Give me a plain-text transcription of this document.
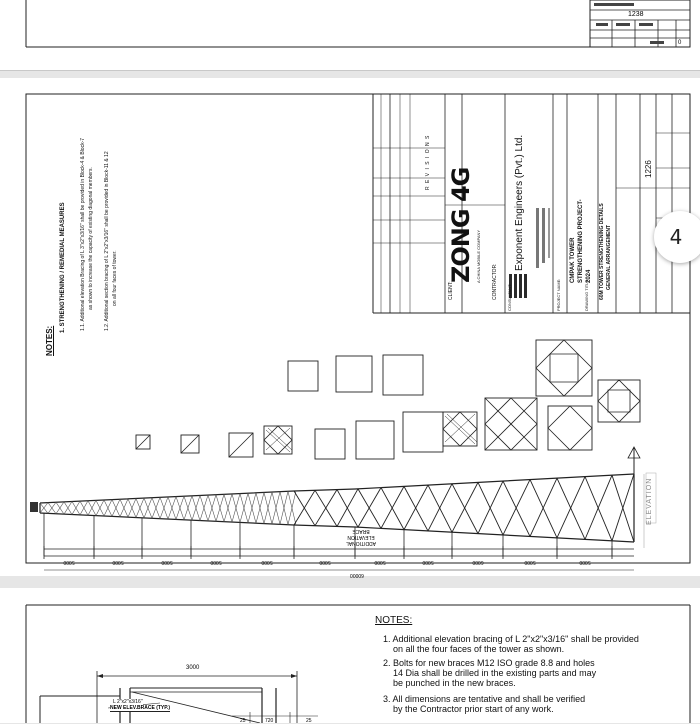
0
1238
NOTES:
1. STRENGTHENING / REMEDIAL MEASURES	1.1. Additional elevation Bracing of L 3"x2"x3/16" shall be provided in Block-4 & Block-7 as shown to increase the capacity of existing diagonal members. 1.2. Additional section bracing of L 2"x2"x3/16" shall be provided in Block-11 & 12 on all four faces of tower.
R E V I S I O N S
CLIENT:
ZONG 4G A CHINA MOBILE COMPANY CONTRACTOR: CONSULTANT:
Exponent Engineers (Pvt.) Ltd.
PROJECT NAME:
CMPAK TOWER STRENGTHENING PROJECT-2024
DRAWING TITLE: 60M TOWER STRENGTHENING DETAILS GENERAL ARRANGEMENT
1226
ELEVATION
ADDITIONAL
ELEVATION
BRACE
5000	5000	5000	5000	5000	5000	5000	5000	6000	5000	5000
60000
4
3000
L 2"x2"x3/16"
NEW ELEV.BRACE (TYP.)
25	720	25
NOTES:
1. Additional elevation bracing of L 2"x2"x3/16" shall be provided
on all the four faces of the tower as shown.
2. Bolts for new braces M12 ISO grade 8.8 and holes
14 Dia shall be drilled in the existing parts and may
be punched in the new braces.
3. All dimensions are tentative and shall be verified
by the Contractor prior start of any work.
